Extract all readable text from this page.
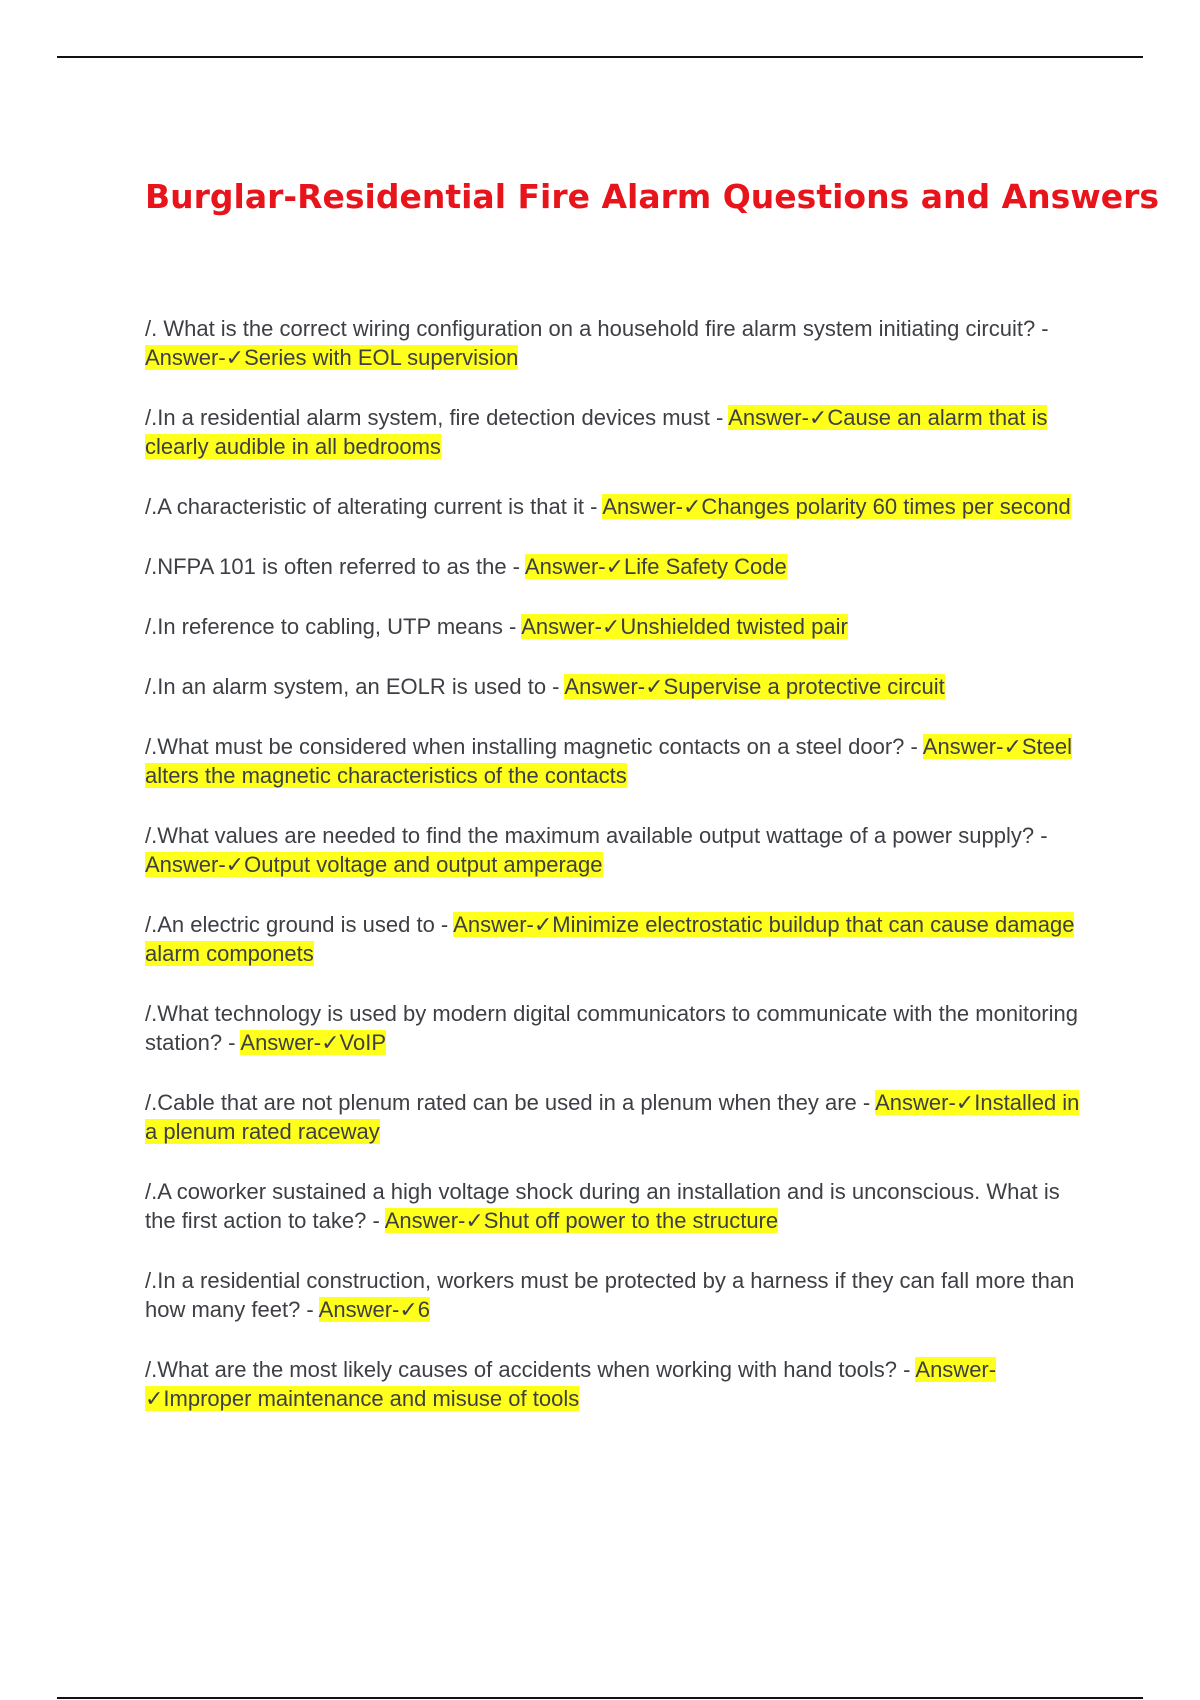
Burglar-Residential Fire Alarm Questions and Answers
/. What is the correct wiring configuration on a household fire alarm system initiating circuit? - Answer-✓Series with EOL supervision
/.In a residential alarm system, fire detection devices must - Answer-✓Cause an alarm that is clearly audible in all bedrooms
/.A characteristic of alterating current is that it - Answer-✓Changes polarity 60 times per second
/.NFPA 101 is often referred to as the - Answer-✓Life Safety Code
/.In reference to cabling, UTP means - Answer-✓Unshielded twisted pair
/.In an alarm system, an EOLR is used to - Answer-✓Supervise a protective circuit
/.What must be considered when installing magnetic contacts on a steel door? - Answer-✓Steel alters the magnetic characteristics of the contacts
/.What values are needed to find the maximum available output wattage of a power supply? - Answer-✓Output voltage and output amperage
/.An electric ground is used to - Answer-✓Minimize electrostatic buildup that can cause damage alarm componets
/.What technology is used by modern digital communicators to communicate with the monitoring station? - Answer-✓VoIP
/.Cable that are not plenum rated can be used in a plenum when they are - Answer-✓Installed in a plenum rated raceway
/.A coworker sustained a high voltage shock during an installation and is unconscious. What is the first action to take? - Answer-✓Shut off power to the structure
/.In a residential construction, workers must be protected by a harness if they can fall more than how many feet? - Answer-✓6
/.What are the most likely causes of accidents when working with hand tools? - Answer-✓Improper maintenance and misuse of tools
